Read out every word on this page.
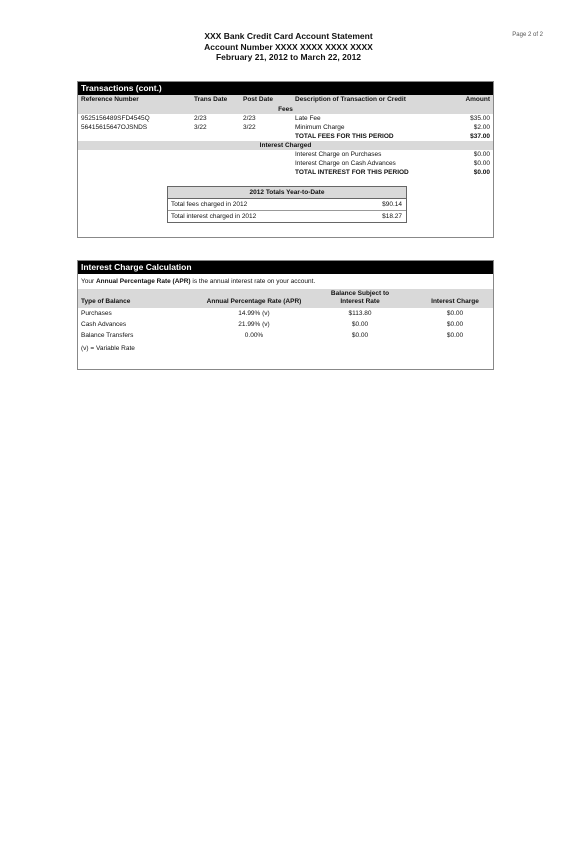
Page 2 of 2
XXX Bank Credit Card Account Statement
Account Number XXXX XXXX XXXX XXXX
February 21, 2012 to March 22, 2012
Transactions (cont.)
Reference Number	Trans Date Post Date	Description of Transaction or Credit	Amount
Fees
9525156489SFD4545Q	2/23	2/23	Late Fee	$35.00
56415615647OJSNDS	3/22	3/22	Minimum Charge	$2.00
TOTAL FEES FOR THIS PERIOD	$37.00
Interest Charged
Interest Charge on Purchases	$0.00
Interest Charge on Cash Advances	$0.00
TOTAL INTEREST FOR THIS PERIOD	$0.00
2012 Totals Year-to-Date
Total fees charged in 2012	$90.14
Total interest charged in 2012	$18.27
Interest Charge Calculation
Your Annual Percentage Rate (APR) is the annual interest rate on your account.
Type of Balance	Annual Percentage Rate (APR)
Balance Subject to
Interest Rate	Interest Charge
Purchases	14.99% (v)	$113.80	$0.00
Cash Advances	21.99% (v)	$0.00	$0.00
Balance Transfers	0.00%	$0.00	$0.00
(v) = Variable Rate
